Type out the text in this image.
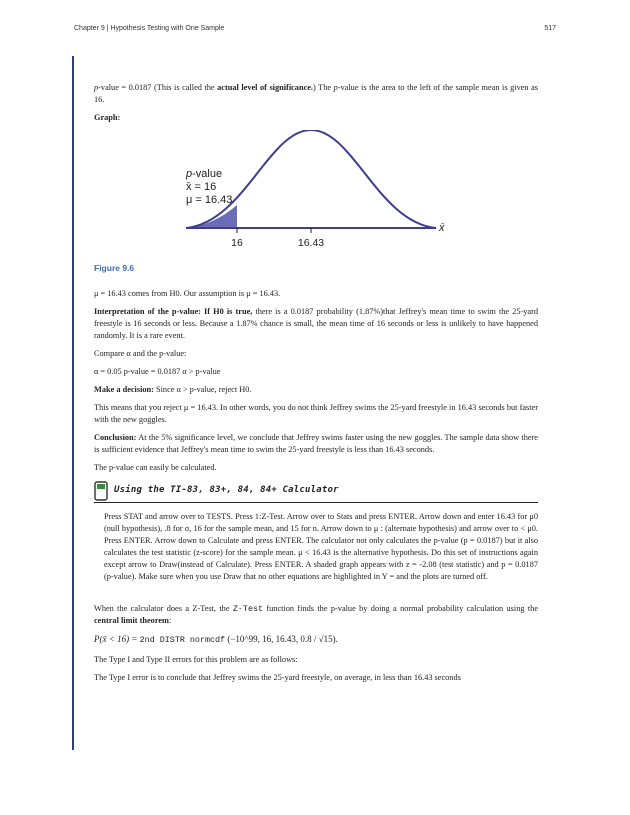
Chapter 9 | Hypothesis Testing with One Sample	517

p-value = 0.0187 (This is called the actual level of significance.) The p-value is the area to the left of the sample mean is given as 16.

Graph:

p-value
x̄ = 16
μ = 16.43
x̄
16	16.43

Figure 9.6

μ = 16.43 comes from H0. Our assumption is μ = 16.43.

Interpretation of the p-value: If H0 is true, there is a 0.0187 probability (1.87%)that Jeffrey's mean time to swim the 25-yard freestyle is 16 seconds or less. Because a 1.87% chance is small, the mean time of 16 seconds or less is unlikely to have happened randomly. It is a rare event.

Compare α and the p-value:

α = 0.05 p-value = 0.0187 α > p-value

Make a decision: Since α > p-value, reject H0.

This means that you reject μ = 16.43. In other words, you do not think Jeffrey swims the 25-yard freestyle in 16.43 seconds but faster with the new goggles.

Conclusion: At the 5% significance level, we conclude that Jeffrey swims faster using the new goggles. The sample data show there is sufficient evidence that Jeffrey's mean time to swim the 25-yard freestyle is less than 16.43 seconds.

The p-value can easily be calculated.

Using the TI-83, 83+, 84, 84+ Calculator

Press STAT and arrow over to TESTS. Press 1:Z-Test. Arrow over to Stats and press ENTER. Arrow down and enter 16.43 for μ0 (null hypothesis), .8 for σ, 16 for the sample mean, and 15 for n. Arrow down to μ : (alternate hypothesis) and arrow over to < μ0. Press ENTER. Arrow down to Calculate and press ENTER. The calculator not only calculates the p-value (p = 0.0187) but it also calculates the test statistic (z-score) for the sample mean. μ < 16.43 is the alternative hypothesis. Do this set of instructions again except arrow to Draw(instead of Calculate). Press ENTER. A shaded graph appears with z = -2.08 (test statistic) and p = 0.0187 (p-value). Make sure when you use Draw that no other equations are highlighted in Y = and the plots are turned off.

When the calculator does a Z-Test, the Z-Test function finds the p-value by doing a normal probability calculation using the central limit theorem:

P(x̄ < 16) = 2nd DISTR normcdf (−10^99, 16, 16.43, 0.8 / √15).

The Type I and Type II errors for this problem are as follows:

The Type I error is to conclude that Jeffrey swims the 25-yard freestyle, on average, in less than 16.43 seconds
